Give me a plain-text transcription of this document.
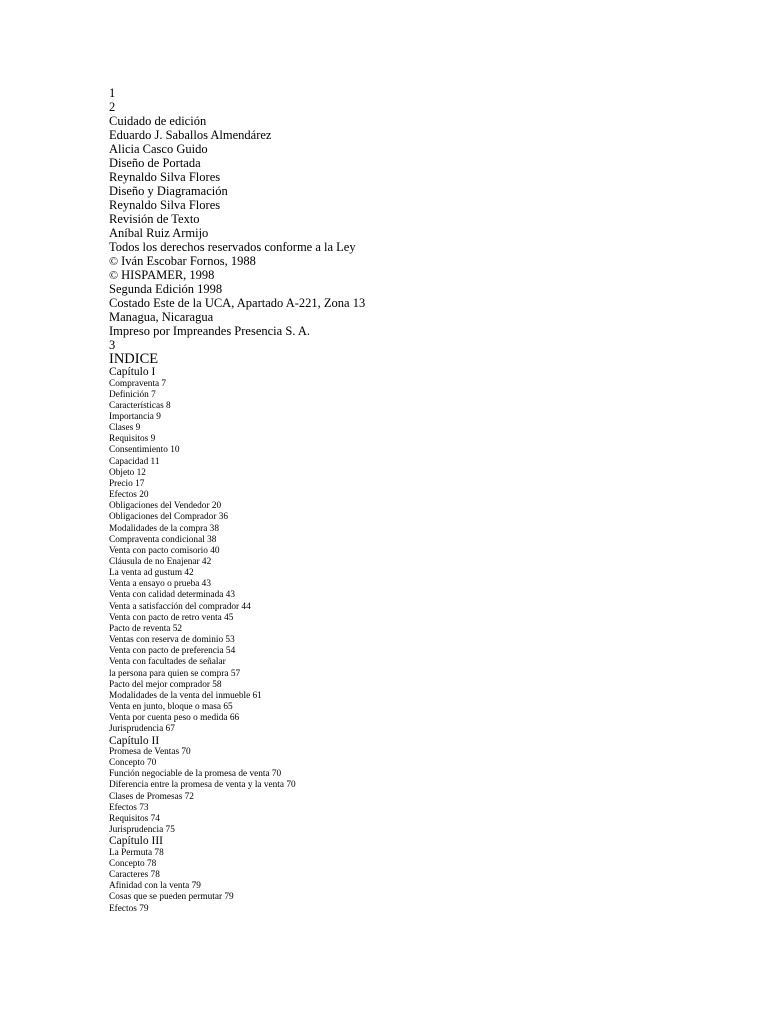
1
2
Cuidado de edición
Eduardo J. Saballos Almendárez
Alicia Casco Guido
Diseño de Portada
Reynaldo Silva Flores
Diseño y Diagramación
Reynaldo Silva Flores
Revisión de Texto
Aníbal Ruiz Armijo
Todos los derechos reservados conforme a la Ley
© Iván Escobar Fornos, 1988
© HISPAMER, 1998
Segunda Edición 1998
Costado Este de la UCA, Apartado A-221, Zona 13
Managua, Nicaragua
Impreso por Impreandes Presencia S. A.
3
INDICE
Capítulo I
Compraventa 7
Definición 7
Características 8
Importancia 9
Clases 9
Requisitos 9
Consentimiento 10
Capacidad 11
Objeto 12
Precio 17
Efectos 20
Obligaciones del Vendedor 20
Obligaciones del Comprador 36
Modalidades de la compra 38
Compraventa condicional 38
Venta con pacto comisorio 40
Cláusula de no Enajenar 42
La venta ad gustum 42
Venta a ensayo o prueba 43
Venta con calidad determinada 43
Venta a satisfacción del comprador 44
Venta con pacto de retro venta 45
Pacto de reventa 52
Ventas con reserva de dominio 53
Venta con pacto de preferencia 54
Venta con facultades de señalar
la persona para quien se compra 57
Pacto del mejor comprador 58
Modalidades de la venta del inmueble 61
Venta en junto, bloque o masa 65
Venta por cuenta peso o medida 66
Jurisprudencia 67
Capítulo II
Promesa de Ventas 70
Concepto 70
Función negociable de la promesa de venta 70
Diferencia entre la promesa de venta y la venta 70
Clases de Promesas 72
Efectos 73
Requisitos 74
Jurisprudencia 75
Capítulo III
La Permuta 78
Concepto 78
Caracteres 78
Afinidad con la venta 79
Cosas que se pueden permutar 79
Efectos 79
